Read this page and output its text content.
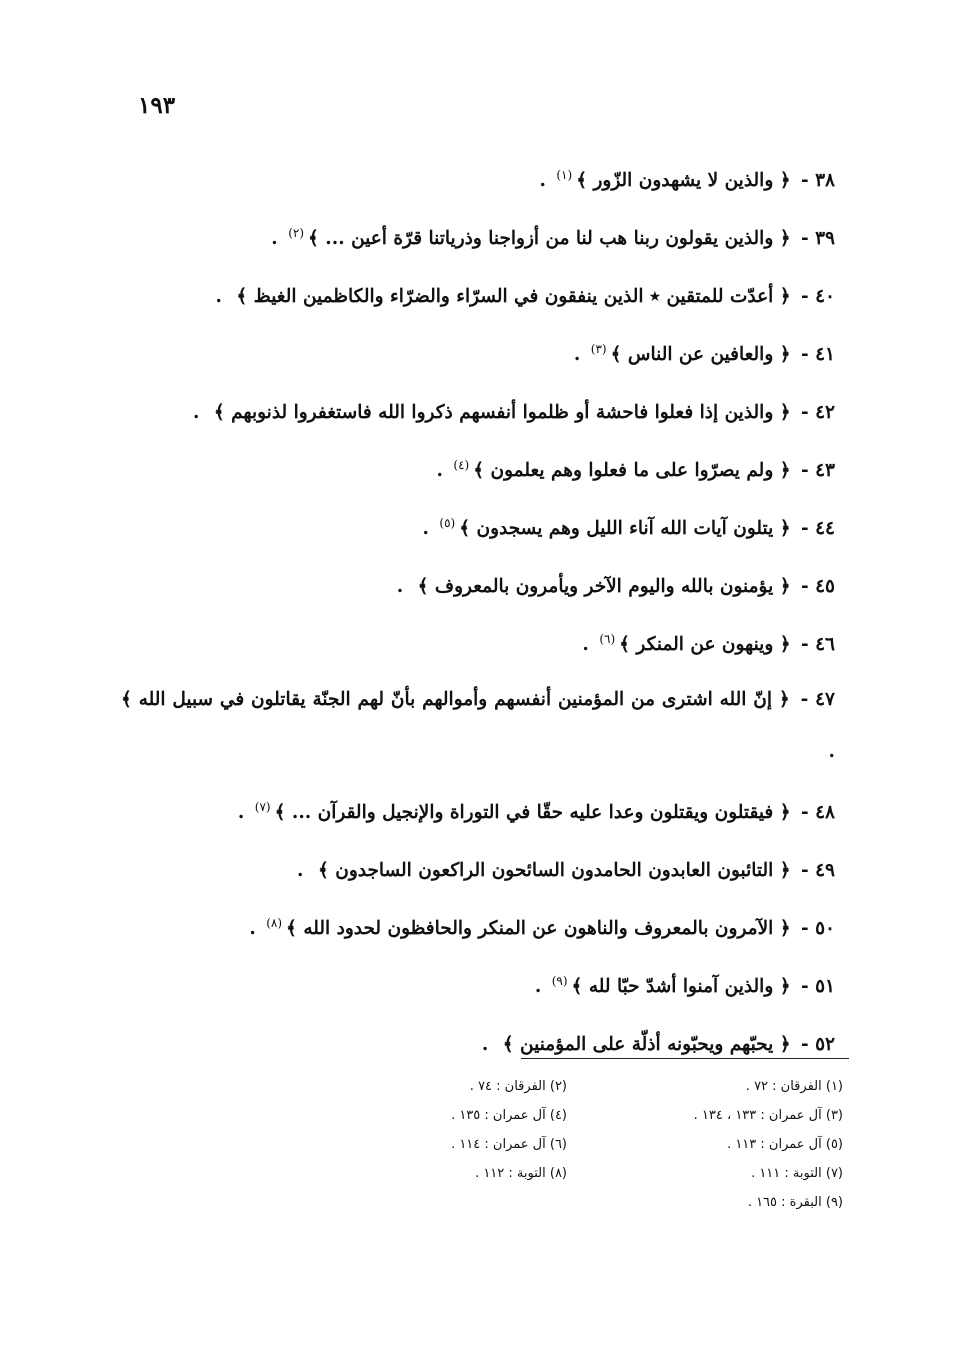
١٩٣
٣٨ - ﴿ والذين لا يشهدون الزّور ﴾$^{(١)}$ .
٣٩ - ﴿ والذين يقولون ربنا هب لنا من أزواجنا وذرياتنا قرّة أعين ... ﴾$^{(٢)}$ .
٤٠ - ﴿ أعدّت للمتقين ٭ الذين ينفقون في السرّاء والضرّاء والكاظمين الغيظ ﴾ .
٤١ - ﴿ والعافين عن الناس ﴾$^{(٣)}$ .
٤٢ - ﴿ والذين إذا فعلوا فاحشة أو ظلموا أنفسهم ذكروا الله فاستغفروا لذنوبهم ﴾ .
٤٣ - ﴿ ولم يصرّوا على ما فعلوا وهم يعلمون ﴾$^{(٤)}$ .
٤٤ - ﴿ يتلون آيات الله آناء الليل وهم يسجدون ﴾$^{(٥)}$ .
٤٥ - ﴿ يؤمنون بالله واليوم الآخر ويأمرون بالمعروف ﴾ .
٤٦ - ﴿ وينهون عن المنكر ﴾$^{(٦)}$ .
٤٧ - ﴿ إنّ الله اشترى من المؤمنين أنفسهم وأموالهم بأنّ لهم الجنّة يقاتلون في سبيل الله ﴾ .
٤٨ - ﴿ فيقتلون ويقتلون وعدا عليه حقّا في التوراة والإنجيل والقرآن ... ﴾$^{(٧)}$ .
٤٩ - ﴿ التائبون العابدون الحامدون السائحون الراكعون الساجدون ﴾ .
٥٠ - ﴿ الآمرون بالمعروف والناهون عن المنكر والحافظون لحدود الله ﴾$^{(٨)}$ .
٥١ - ﴿ والذين آمنوا أشدّ حبّا لله ﴾$^{(٩)}$ .
٥٢ - ﴿ يحبّهم ويحبّونه أذلّة على المؤمنين ﴾ .
(١) الفرقان : ٧٢ .
(٣) آل عمران : ١٣٣ ، ١٣٤ .
(٥) آل عمران : ١١٣ .
(٧) التوبة : ١١١ .
(٩) البقرة : ١٦٥ .
(٢) الفرقان : ٧٤ .
(٤) آل عمران : ١٣٥ .
(٦) آل عمران : ١١٤ .
(٨) التوبة : ١١٢ .
